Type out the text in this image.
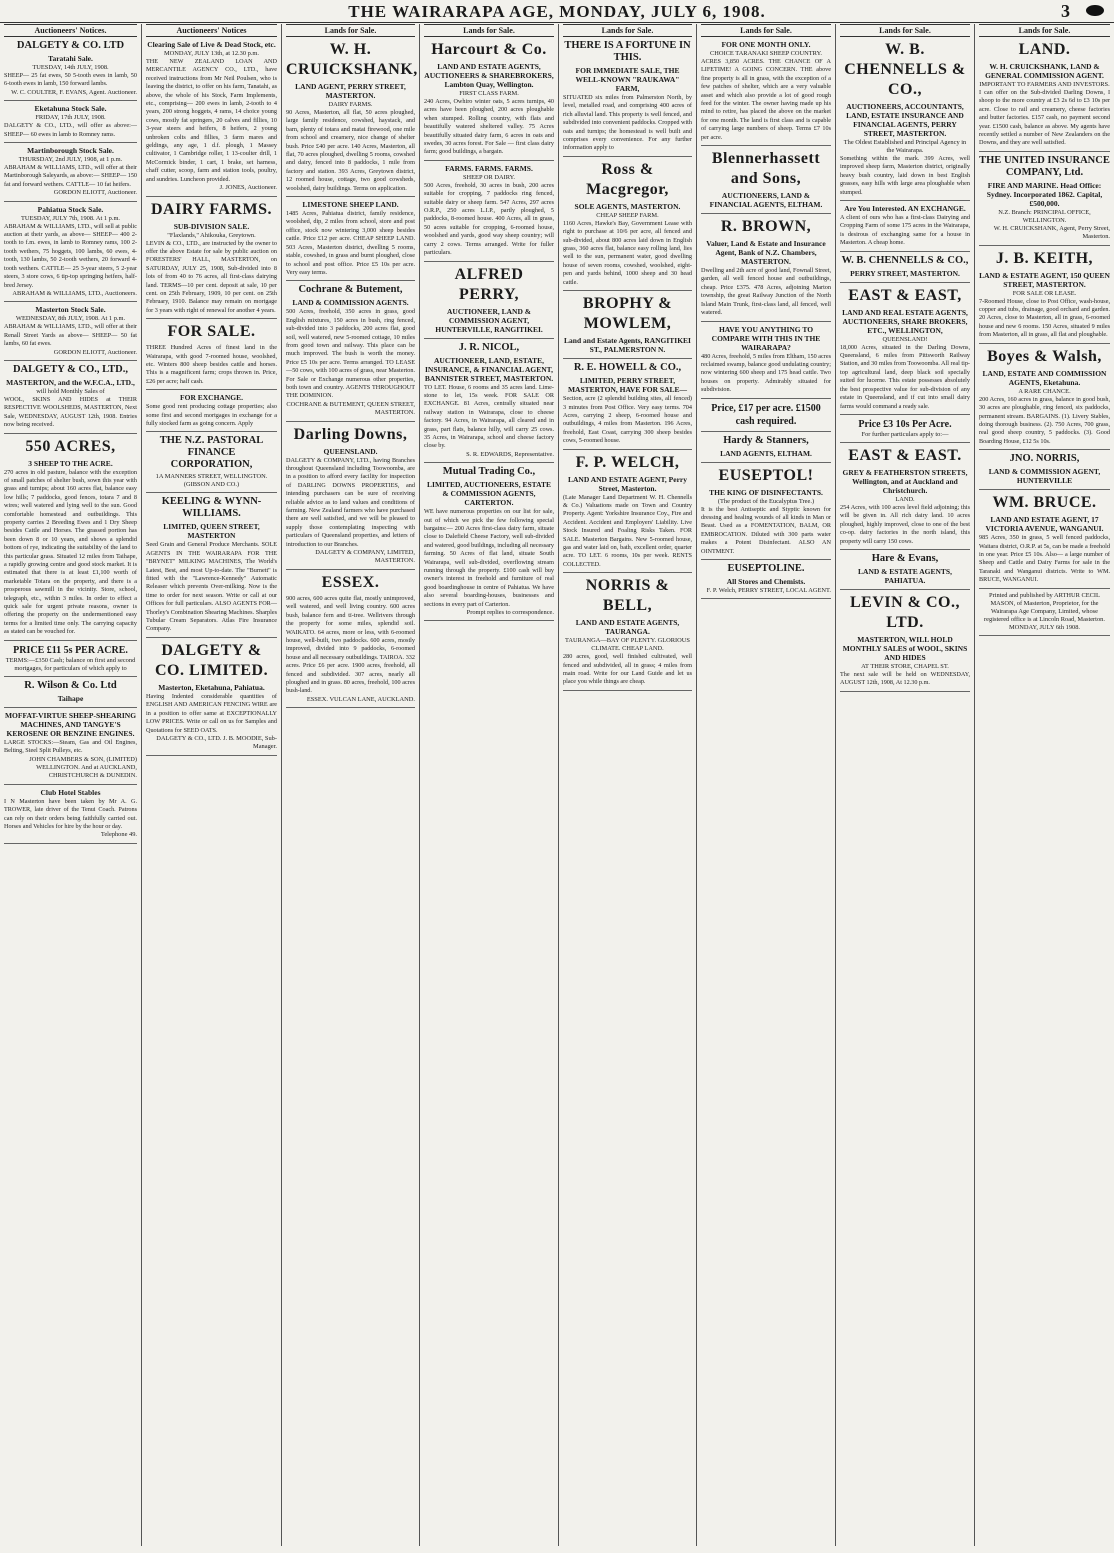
THE WAIRARAPA AGE, MONDAY, JULY 6, 1908.	3
Auctioneers' Notices.
DALGETY & CO. LTD
Taratahi Sale.
TUESDAY, 14th JULY, 1908.
SHEEP— 25 fat ewes, 50 5-tooth ewes in lamb, 50 6-tooth ewes in lamb, 150 forward lambs.
W. C. COULTER, F. EVANS, Agent. Auctioneer.
Eketahuna Stock Sale.
FRIDAY, 17th JULY, 1908.
DALGETY & CO., LTD., will offer as above:— SHEEP— 60 ewes in lamb to Romney rams.
Martinborough Stock Sale.
THURSDAY, 2nd JULY, 1908, at 1 p.m.
ABRAHAM & WILLIAMS, LTD., will offer at their Martinborough Saleyards, as above:— SHEEP— 150 fat and forward wethers. CATTLE— 10 fat heifers.
GORDON ELIOTT, Auctioneer.
Pahiatua Stock Sale.
TUESDAY, JULY 7th, 1908. At 1 p.m.
ABRAHAM & WILLIAMS, LTD., will sell at public auction at their yards, as above— SHEEP— 400 2-tooth to f.m. ewes, in lamb to Romney rams, 100 2-tooth wethers, 75 hoggets, 100 lambs, 60 ewes, 4-tooth, 130 lambs, 50 2-tooth wethers, 20 forward 4-tooth wethers. CATTLE— 25 3-year steers, 5 2-year steers, 3 store cows, 6 tip-top springing heifers, half-bred Jersey.
ABRAHAM & WILLIAMS, LTD., Auctioneers.
Masterton Stock Sale.
WEDNESDAY, 8th JULY, 1908. At 1 p.m.
ABRAHAM & WILLIAMS, LTD., will offer at their Renall Street Yards as above— SHEEP— 50 fat lambs, 60 fat ewes.
GORDON ELIOTT, Auctioneer.
DALGETY & CO., LTD.,
MASTERTON, and the W.F.C.A., LTD.,
will hold Monthly Sales of
WOOL, SKINS AND HIDES at THEIR RESPECTIVE WOOLSHEDS, MASTERTON, Next Sale, WEDNESDAY, AUGUST 12th, 1908. Entries now being received.
550 ACRES,
3 SHEEP TO THE ACRE.
270 acres in old pasture, balance with the exception of small patches of shelter bush, sown this year with grass and turnips; about 160 acres flat, balance easy low hills; 7 paddocks, good fences, totara 7 and 8 wires; well watered and lying well to the sun. Good comfortable homestead and outbuildings. This property carries 2 Breeding Ewes and 1 Dry Sheep besides Cattle and Horses. The grassed portion has been down 8 or 10 years, and shows a splendid bottom of rye, indicating the suitability of the land to this particular grass. Situated 12 miles from Taihape, a rapidly growing centre and good stock market. It is estimated that there is at least £1,100 worth of marketable Totara on the property, and there is a prosperous sawmill in the vicinity. Store, school, telegraph, etc., within 3 miles. In order to effect a quick sale for urgent private reasons, owner is offering the property on the undermentioned easy terms for a limited time only. The carrying capacity as stated can be vouched for.
PRICE £11 5s PER ACRE.
TERMS:—£350 Cash; balance on first and second mortgages, for particulars of which apply to
R. Wilson & Co. Ltd
Taihape
MOFFAT-VIRTUE SHEEP-SHEARING MACHINES, AND TANGYE'S KEROSENE OR BENZINE ENGINES.
LARGE STOCKS:—Steam, Gas and Oil Engines, Belting, Steel Split Pulleys, etc.
JOHN CHAMBERS & SON, (LIMITED) WELLINGTON. And at AUCKLAND, CHRISTCHURCH & DUNEDIN.
Club Hotel Stables
I N Masterton have been taken by Mr A. G. TROWER, late driver of the Tenui Coach. Patrons can rely on their orders being faithfully carried out. Horses and Vehicles for hire by the hour or day.
Telephone 49.
Auctioneers' Notices
Clearing Sale of Live & Dead Stock, etc.
MONDAY, JULY 13th, at 12.30 p.m.
THE NEW ZEALAND LOAN AND MERCANTILE AGENCY CO., LTD., have received instructions from Mr Neil Poulsen, who is leaving the district, to offer on his farm, Tanatahi, as above, the whole of his Stock, Farm Implements, etc., comprising— 200 ewes in lamb, 2-tooth to 4 years, 200 strong hoggets, 4 rams, 14 choice young cows, mostly fat springers, 20 calves and fillies, 10 3-year steers and heifers, 8 heifers, 2 young unbroken colts and fillies, 3 farm mares and geldings, any age, 1 d.f. plough, 1 Massey cultivator, 1 Cambridge roller, 1 13-coulter drill, 1 McCormick binder, 1 cart, 1 brake, set harness, chaff cutter, scoop, farm and station tools, poultry, and sundries. Luncheon provided.
J. JONES, Auctioneer.
DAIRY FARMS.
SUB-DIVISION SALE.
"Flaxlands," Ahikouka, Greytown.
LEVIN & CO., LTD., are instructed by the owner to offer the above Estate for sale by public auction on FORESTERS' HALL, MASTERTON, on SATURDAY, JULY 25, 1908, Sub-divided into 8 lots of from 40 to 76 acres, all first-class dairying land. TERMS—10 per cent. deposit at sale, 10 per cent. on 25th February, 1909, 10 per cent. on 25th February, 1910. Balance may remain on mortgage for 3 years with right of renewal for another 4 years.
FOR SALE.
THREE Hundred Acres of finest land in the Wairarapa, with good 7-roomed house, woolshed, etc. Winters 800 sheep besides cattle and horses. This is a magnificent farm; crops thrown in. Price, £26 per acre; half cash.
FOR EXCHANGE.
Some good rent producing cottage properties; also some first and second mortgages in exchange for a fully stocked farm as going concern. Apply
THE N.Z. PASTORAL FINANCE CORPORATION,
1A MANNERS STREET, WELLINGTON. (GIBSON AND CO.)
KEELING & WYNN-WILLIAMS.
LIMITED, QUEEN STREET, MASTERTON
Seed Grain and General Produce Merchants. SOLE AGENTS IN THE WAIRARAPA FOR THE "BRYNET" MILKING MACHINES, The World's Latest, Best, and most Up-to-date. The "Burnett" is fitted with the "Lawrence-Kennedy" Automatic Releaser which prevents Over-milking. Now is the time to order for next season. Write or call at our Offices for full particulars. ALSO AGENTS FOR— Thorley's Combination Shearing Machines. Sharples Tubular Cream Separators. Atlas Fire Insurance Company.
DALGETY & CO. LIMITED.
Masterton, Eketahuna, Pahiatua.
Having Indented considerable quantities of ENGLISH AND AMERICAN FENCING WIRE are in a position to offer same at EXCEPTIONALLY LOW PRICES. Write or call on us for Samples and Quotations for SEED OATS.
DALGETY & CO., LTD. J. B. MOODIE, Sub-Manager.
Lands for Sale.
W. H. CRUICKSHANK,
LAND AGENT, PERRY STREET, MASTERTON.
DAIRY FARMS.
90 Acres, Masterton, all flat, 50 acres ploughed, large family residence, cowshed, haystack, and barn, plenty of totara and matai firewood, one mile from school and creamery, nice change of shelter bush. Price £40 per acre. 140 Acres, Masterton, all flat, 70 acres ploughed, dwelling 5 rooms, cowshed and dairy, fenced into 8 paddocks, 1 mile from factory and station. 393 Acres, Greytown district, 12 roomed house, cottage, two good cowsheds, woolshed, dairy buildings. Terms on application.
LIMESTONE SHEEP LAND.
1485 Acres, Pahiatua district, family residence, woolshed, dip, 2 miles from school, store and post office, stock now wintering 3,000 sheep besides cattle. Price £12 per acre. CHEAP SHEEP LAND. 503 Acres, Masterton district, dwelling 5 rooms, stable, cowshed, in grass and burnt ploughed, close to school and post office. Price £5 10s per acre. Very easy terms.
Cochrane & Butement,
LAND & COMMISSION AGENTS.
500 Acres, freehold, 350 acres in grass, good English mixtures, 150 acres in bush, ring fenced, sub-divided into 3 paddocks, 200 acres flat, good soil, well watered, new 5-roomed cottage, 10 miles from good town and railway. This place can be much improved. The bush is worth the money. Price £5 10s per acre. Terms arranged. TO LEASE—50 cows, with 100 acres of grass, near Masterton. For Sale or Exchange numerous other properties, both town and country. AGENTS THROUGHOUT THE DOMINION.
COCHRANE & BUTEMENT, QUEEN STREET, MASTERTON.
Darling Downs,
QUEENSLAND.
DALGETY & COMPANY, LTD., having Branches throughout Queensland including Toowoomba, are in a position to afford every facility for inspection of DARLING DOWNS PROPERTIES, and intending purchasers can be sure of receiving reliable advice as to land values and conditions of farming. New Zealand farmers who have purchased there are well satisfied, and we will be pleased to supply those contemplating inspecting with particulars of Queensland properties, and letters of introduction to our Branches.
DALGETY & COMPANY, LIMITED, MASTERTON.
ESSEX.
900 acres, 600 acres quite flat, mostly unimproved, well watered, and well living country. 600 acres bush, balance fern and tī-tree. Wellrivers through the property for some miles, splendid soil. WAIKATO. 64 acres, more or less, with 6-roomed house, well-built, two paddocks. 600 acres, mostly improved, divided into 9 paddocks, 6-roomed house and all necessary outbuildings. TAIROA. 332 acres. Price £6 per acre. 1900 acres, freehold, all fenced and subdivided. 307 acres, nearly all ploughed and in grass. 80 acres, freehold, 100 acres bush-land.
ESSEX. VULCAN LANE, AUCKLAND.
Lands for Sale.
Harcourt & Co.
LAND AND ESTATE AGENTS, AUCTIONEERS & SHAREBROKERS, Lambton Quay, Wellington.
FIRST CLASS FARM.
240 Acres, Owhiro winter oats, 5 acres turnips, 40 acres have been ploughed, 200 acres ploughable when stumped. Rolling country, with flats and beautifully watered sheltered valley. 75 Acres beautifully situated dairy farm, 6 acres in oats and swedes, 30 acres forest. For Sale — first class dairy farm; good buildings, a bargain.
FARMS. FARMS. FARMS.
SHEEP OR DAIRY.
500 Acres, freehold, 30 acres in bush, 200 acres suitable for cropping, 7 paddocks ring fenced, suitable dairy or sheep farm. 547 Acres, 297 acres O.R.P., 250 acres L.I.P., partly ploughed, 5 paddocks, 8-roomed house. 400 Acres, all in grass, 50 acres suitable for cropping, 6-roomed house, woolshed and yards, good way sheep country; will carry 2 cows. Terms arranged. Write for fuller particulars.
ALFRED PERRY,
AUCTIONEER, LAND & COMMISSION AGENT, HUNTERVILLE, RANGITIKEI.
J. R. NICOL,
AUCTIONEER, LAND, ESTATE, INSURANCE, & FINANCIAL AGENT, BANNISTER STREET, MASTERTON.
TO LET. House, 6 rooms and 35 acres land. Lime-stone to let, 15s week. FOR SALE OR EXCHANGE. 81 Acres, centrally situated near railway station in Wairarapa, close to cheese factory. 94 Acres, in Wairarapa, all cleared and in grass, part flats, balance hilly, will carry 25 cows. 35 Acres, in Wairarapa, school and cheese factory close by.
S. R. EDWARDS, Representative.
Mutual Trading Co.,
LIMITED, AUCTIONEERS, ESTATE & COMMISSION AGENTS, CARTERTON.
WE have numerous properties on our list for sale, out of which we pick the few following special bargains:— 200 Acres first-class dairy farm, situate close to Dalefield Cheese Factory, well sub-divided and watered, good buildings, including all necessary farming. 50 Acres of flat land, situate South Wairarapa, well sub-divided, overflowing stream running through the property. £100 cash will buy owner's interest in freehold and furniture of real good boardinghouse in centre of Pahiatua. We have also several boarding-houses, businesses and sections in every part of Carterton.
Prompt replies to correspondence.
Lands for Sale.
THERE IS A FORTUNE IN THIS.
FOR IMMEDIATE SALE, THE WELL-KNOWN "RAUKAWA" FARM,
SITUATED six miles from Palmerston North, by level, metalled road, and comprising 400 acres of rich alluvial land. This property is well fenced, and subdivided into convenient paddocks. Cropped with oats and turnips; the homestead is well built and comprises every convenience. For any further information apply to
Ross & Macgregor,
SOLE AGENTS, MASTERTON.
CHEAP SHEEP FARM.
1160 Acres, Hawke's Bay, Government Lease with right to purchase at 10/6 per acre, all fenced and sub-divided, about 800 acres laid down in English grass, 360 acres flat, balance easy rolling land, lies well to the sun, permanent water, good dwelling house of seven rooms, cowshed, woolshed, eight-pen and yards behind, 1000 sheep and 30 head cattle.
BROPHY & MOWLEM,
Land and Estate Agents, RANGITIKEI ST., PALMERSTON N.
R. E. HOWELL & CO.,
LIMITED, PERRY STREET, MASTERTON, HAVE FOR SALE—
Section, acre (2 splendid building sites, all fenced) 3 minutes from Post Office. Very easy terms. 704 Acres, carrying 2 sheep, 6-roomed house and outbuildings, 4 miles from Masterton. 196 Acres, freehold, East Coast, carrying 300 sheep besides cows, 5-roomed house.
F. P. WELCH,
LAND AND ESTATE AGENT, Perry Street, Masterton.
(Late Manager Land Department W. H. Chennells & Co.) Valuations made on Town and Country Property. Agent: Yorkshire Insurance Coy., Fire and Accident. Accident and Employers' Liability. Live Stock Insured and Foaling Risks Taken. FOR SALE. Masterton Bargains. New 5-roomed house, gas and water laid on, bath, excellent order, quarter acre. TO LET. 6 rooms, 10s per week. RENTS COLLECTED.
NORRIS & BELL,
LAND AND ESTATE AGENTS, TAURANGA.
TAURANGA—BAY OF PLENTY. GLORIOUS CLIMATE. CHEAP LAND.
280 acres, good, well finished cultivated, well fenced and subdivided, all in grass; 4 miles from main road. Write for our Land Guide and let us place you while things are cheap.
Lands for Sale.
FOR ONE MONTH ONLY.
CHOICE TARANAKI SHEEP COUNTRY.
ACRES 3,850 ACRES. THE CHANCE OF A LIFETIME! A GOING CONCERN. THE above fine property is all in grass, with the exception of a few patches of shelter, which are a very valuable asset and which also provide a lot of good rough feed for the winter. The owner having made up his mind to retire, has placed the above on the market for one month. The land is first class and is capable of carrying large numbers of sheep. Terms £7 10s per acre.
Blennerhassett and Sons,
AUCTIONEERS, LAND & FINANCIAL AGENTS, ELTHAM.
R. BROWN,
Valuer, Land & Estate and Insurance Agent, Bank of N.Z. Chambers, MASTERTON.
Dwelling and 2th acre of good land, Fownall Street, garden, all well fenced house and outbuildings, cheap. Price £375. 478 Acres, adjoining Marton township, the great Railway Junction of the North Island Main Trunk, first-class land, all fenced, well watered.
HAVE YOU ANYTHING TO COMPARE WITH THIS IN THE WAIRARAPA?
480 Acres, freehold, 5 miles from Eltham, 150 acres reclaimed swamp, balance good undulating country; now wintering 600 sheep and 175 head cattle. Two houses on property. Admirably situated for subdivision.
Price, £17 per acre. £1500 cash required.
Hardy & Stanners,
LAND AGENTS, ELTHAM.
EUSEPTOL!
THE KING OF DISINFECTANTS.
(The product of the Eucalyptus Tree.)
It is the best Antiseptic and Styptic known for dressing and healing wounds of all kinds in Man or Beast. Used as a FOMENTATION, BALM, OR EMBROCATION. Diluted with 300 parts water makes a Potent Disinfectant. ALSO AN OINTMENT.
EUSEPTOLINE.
All Stores and Chemists.
F. P. Welch, PERRY STREET, LOCAL AGENT.
Lands for Sale.
W. B. CHENNELLS & CO.,
AUCTIONEERS, ACCOUNTANTS, LAND, ESTATE INSURANCE AND FINANCIAL AGENTS, PERRY STREET, MASTERTON.
The Oldest Established and Principal Agency in the Wairarapa.
Something within the mark. 399 Acres, well improved sheep farm, Masterton district, originally heavy bush country, laid down in best English grasses, easy hills with large area ploughable when stumped.
Are You Interested. AN EXCHANGE.
A client of ours who has a first-class Dairying and Cropping Farm of some 175 acres in the Wairarapa, is desirous of exchanging same for a house in Masterton. A cheap home.
W. B. CHENNELLS & CO.,
PERRY STREET, MASTERTON.
EAST & EAST,
LAND AND REAL ESTATE AGENTS, AUCTIONEERS, SHARE BROKERS, ETC., WELLINGTON,
QUEENSLAND!
18,000 Acres, situated in the Darling Downs, Queensland, 6 miles from Pittsworth Railway Station, and 30 miles from Toowoomba. All real tip-top agricultural land, deep black soil specially suited for lucerne. This estate possesses absolutely the best prospective value for sub-division of any estate in Queensland, and if cut into small dairy farms would command a ready sale.
Price £3 10s Per Acre.
For further particulars apply to:—
EAST & EAST.
GREY & FEATHERSTON STREETS, Wellington, and at Auckland and Christchurch.
LAND.
254 Acres, with 100 acres level field adjoining; this will be given in. All rich dairy land. 10 acres ploughed, highly improved, close to one of the best co-op. dairy factories in the north island, this property will carry 150 cows.
Hare & Evans,
LAND & ESTATE AGENTS, PAHIATUA.
LEVIN & CO., LTD.
MASTERTON, WILL HOLD MONTHLY SALES of WOOL, SKINS AND HIDES
AT THEIR STORE, CHAPEL ST.
The next sale will be held on WEDNESDAY, AUGUST 12th, 1908, At 12.30 p.m.
Lands for Sale.
LAND.
W. H. CRUICKSHANK, LAND & GENERAL COMMISSION AGENT.
IMPORTANT TO FARMERS AND INVESTORS.
I can offer on the Sub-divided Darling Downs, I shoop to the more country at £3 2s 6d to £3 10s per acre. Close to rail and creamery, cheese factories and butter factories. £157 cash, no payment second year. £1500 cash, balance as above. My agents have recently settled a number of New Zealanders on the Downs, and they are well satisfied.
THE UNITED INSURANCE COMPANY, Ltd.
FIRE AND MARINE. Head Office: Sydney. Incorporated 1862. Capital, £500,000.
N.Z. Branch: PRINCIPAL OFFICE, WELLINGTON.
W. H. CRUICKSHANK, Agent, Perry Street, Masterton.
J. B. KEITH,
LAND & ESTATE AGENT, 150 QUEEN STREET, MASTERTON.
FOR SALE OR LEASE.
7-Roomed House, close to Post Office, wash-house, copper and tubs, drainage, good orchard and garden. 20 Acres, close to Masterton, all in grass, 6-roomed house and new 6 rooms. 150 Acres, situated 9 miles from Masterton, all in grass, all flat and ploughable.
Boyes & Walsh,
LAND, ESTATE AND COMMISSION AGENTS, Eketahuna.
A RARE CHANCE.
200 Acres, 160 acres in grass, balance in good bush, 30 acres are ploughable, ring fenced, six paddocks, permanent stream. BARGAINS. (1). Livery Stables, doing thorough business. (2). 750 Acres, 700 grass, real good sheep country, 5 paddocks. (3). Good Boarding House, £12 5s 10s.
JNO. NORRIS,
LAND & COMMISSION AGENT, HUNTERVILLE
WM. BRUCE.
LAND AND ESTATE AGENT, 17 VICTORIA AVENUE, WANGANUI.
985 Acres, 350 in grass, 5 well fenced paddocks, Waitara district, O.R.P. at 5s, can be made a freehold in one year. Price £5 10s. Also— a large number of Sheep and Cattle and Dairy Farms for sale in the Taranaki and Wanganui districts. Write to WM. BRUCE, WANGANUI.
Printed and published by ARTHUR CECIL MASON, of Masterton, Proprietor, for the Wairarapa Age Company, Limited, whose registered office is at Lincoln Road, Masterton. MONDAY, JULY 6th 1908.
